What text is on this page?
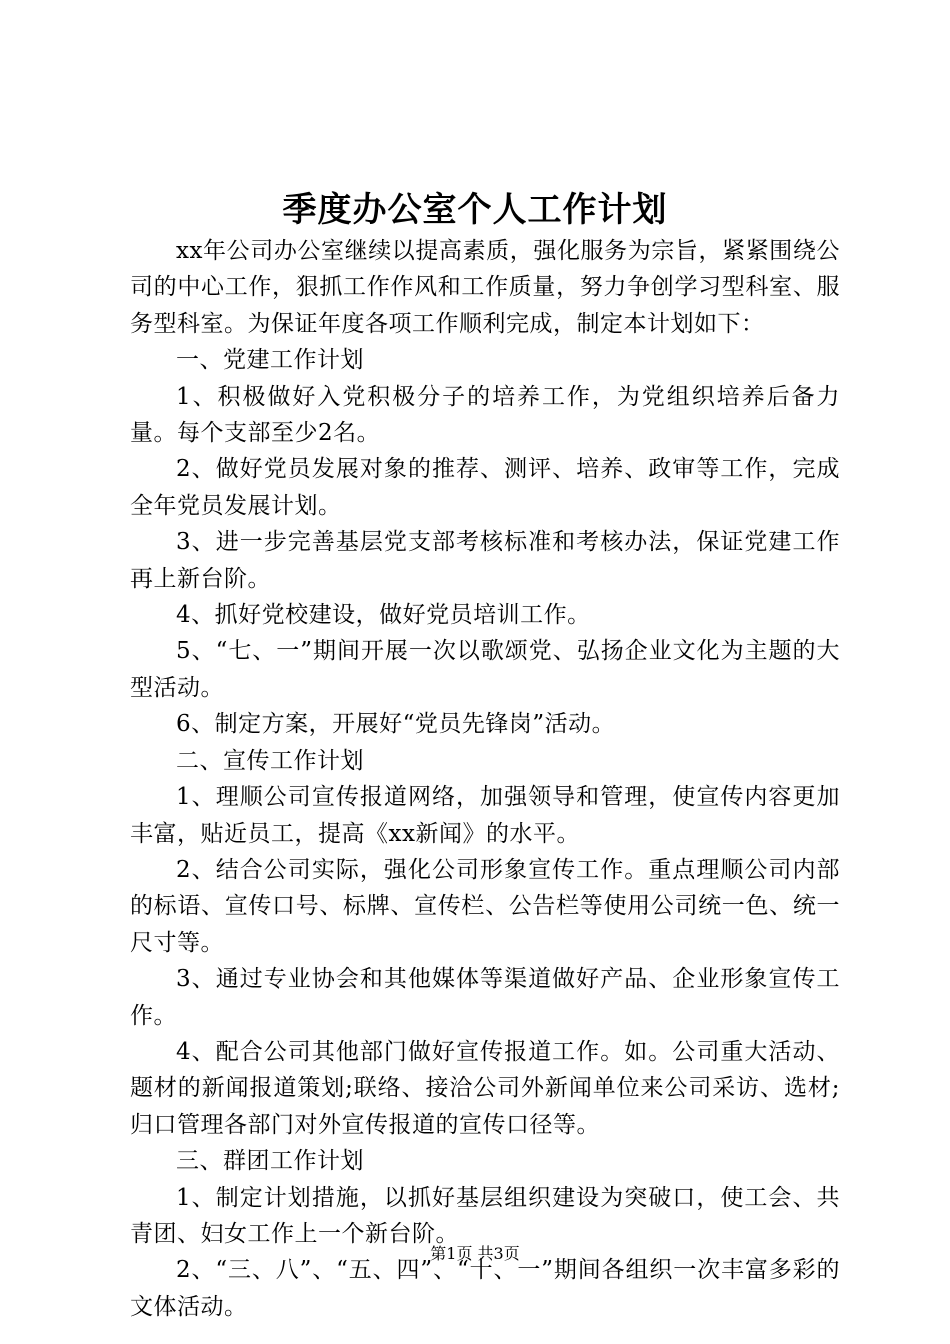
季度办公室个人工作计划

xx年公司办公室继续以提高素质，强化服务为宗旨，紧紧围绕公司的中心工作，狠抓工作作风和工作质量，努力争创学习型科室、服务型科室。为保证年度各项工作顺利完成，制定本计划如下：

一、党建工作计划

1、积极做好入党积极分子的培养工作，为党组织培养后备力量。每个支部至少2名。

2、做好党员发展对象的推荐、测评、培养、政审等工作，完成全年党员发展计划。

3、进一步完善基层党支部考核标准和考核办法，保证党建工作再上新台阶。

4、抓好党校建设，做好党员培训工作。

5、“七、一”期间开展一次以歌颂党、弘扬企业文化为主题的大型活动。

6、制定方案，开展好“党员先锋岗”活动。

二、宣传工作计划

1、理顺公司宣传报道网络，加强领导和管理，使宣传内容更加丰富，贴近员工，提高《xx新闻》的水平。

2、结合公司实际，强化公司形象宣传工作。重点理顺公司内部的标语、宣传口号、标牌、宣传栏、公告栏等使用公司统一色、统一尺寸等。

3、通过专业协会和其他媒体等渠道做好产品、企业形象宣传工作。

4、配合公司其他部门做好宣传报道工作。如。公司重大活动、题材的新闻报道策划;联络、接洽公司外新闻单位来公司采访、选材;归口管理各部门对外宣传报道的宣传口径等。

三、群团工作计划

1、制定计划措施，以抓好基层组织建设为突破口，使工会、共青团、妇女工作上一个新台阶。

2、“三、八”、“五、四”、“十、一”期间各组织一次丰富多彩的文体活动。

第1页 共3页
